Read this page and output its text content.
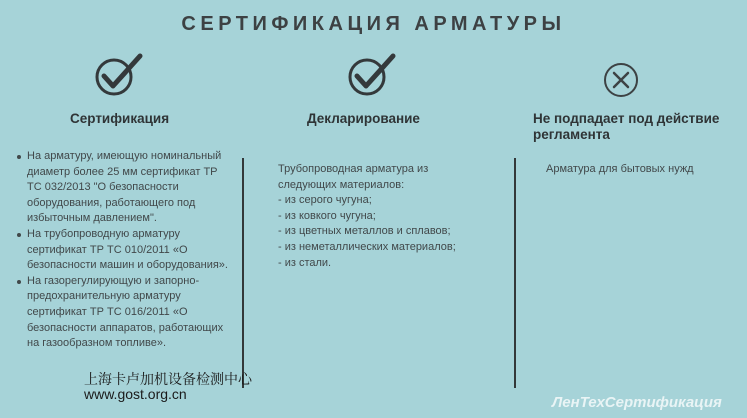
СЕРТИФИКАЦИЯ АРМАТУРЫ
Сертификация	Декларирование	Не подпадает под действие регламента
На арматуру, имеющую номинальный диаметр более 25 мм сертификат ТР ТС 032/2013 "О безопасности оборудования, работающего под избыточным давлением".
На трубопроводную арматуру сертификат ТР ТС 010/2011 «О безопасности машин и оборудования».
На газорегулирующую и запорно-предохранительную арматуру сертификат ТР ТС 016/2011 «О безопасности аппаратов, работающих на газообразном топливе».
Трубопроводная арматура из
следующих материалов:
- из серого чугуна;
- из ковкого чугуна;
- из цветных металлов и сплавов;
- из неметаллических материалов;
- из стали.
Арматура для бытовых нужд
上海卡卢加机设备检测中心
www.gost.org.cn	ЛенТехСертификация
